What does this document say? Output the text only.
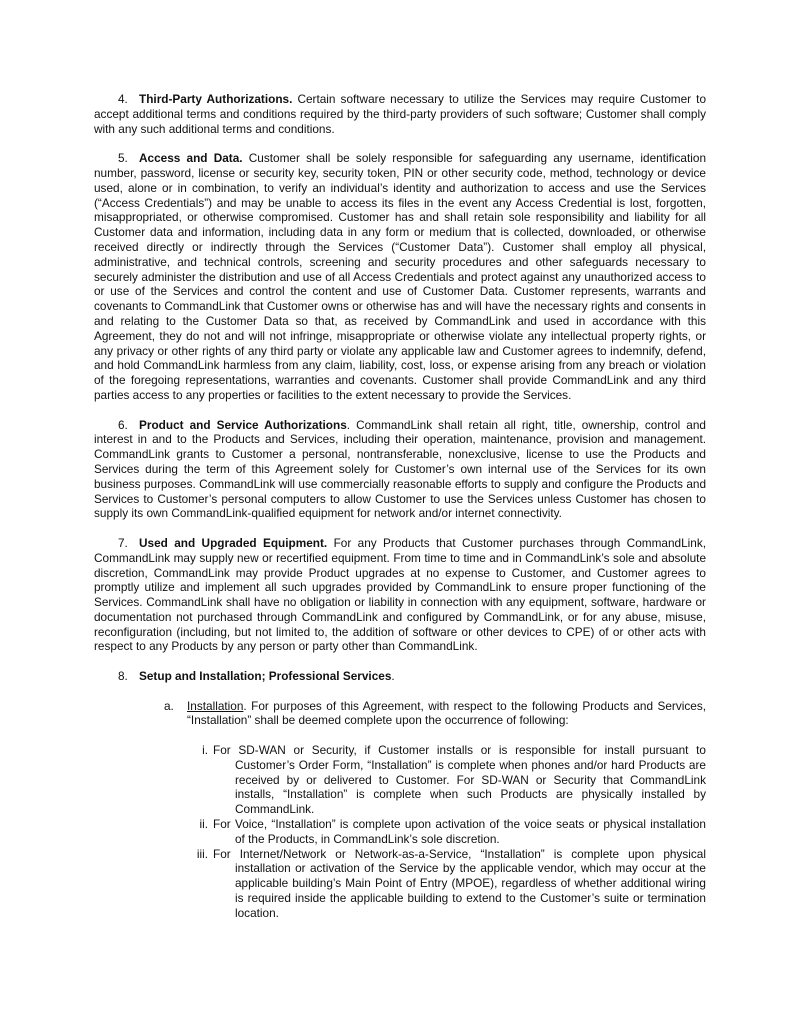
4. Third-Party Authorizations. Certain software necessary to utilize the Services may require Customer to accept additional terms and conditions required by the third-party providers of such software; Customer shall comply with any such additional terms and conditions.

5. Access and Data. Customer shall be solely responsible for safeguarding any username, identification number, password, license or security key, security token, PIN or other security code, method, technology or device used, alone or in combination, to verify an individual’s identity and authorization to access and use the Services (“Access Credentials”) and may be unable to access its files in the event any Access Credential is lost, forgotten, misappropriated, or otherwise compromised. Customer has and shall retain sole responsibility and liability for all Customer data and information, including data in any form or medium that is collected, downloaded, or otherwise received directly or indirectly through the Services (“Customer Data”). Customer shall employ all physical, administrative, and technical controls, screening and security procedures and other safeguards necessary to securely administer the distribution and use of all Access Credentials and protect against any unauthorized access to or use of the Services and control the content and use of Customer Data. Customer represents, warrants and covenants to CommandLink that Customer owns or otherwise has and will have the necessary rights and consents in and relating to the Customer Data so that, as received by CommandLink and used in accordance with this Agreement, they do not and will not infringe, misappropriate or otherwise violate any intellectual property rights, or any privacy or other rights of any third party or violate any applicable law and Customer agrees to indemnify, defend, and hold CommandLink harmless from any claim, liability, cost, loss, or expense arising from any breach or violation of the foregoing representations, warranties and covenants. Customer shall provide CommandLink and any third parties access to any properties or facilities to the extent necessary to provide the Services.

6. Product and Service Authorizations. CommandLink shall retain all right, title, ownership, control and interest in and to the Products and Services, including their operation, maintenance, provision and management. CommandLink grants to Customer a personal, nontransferable, nonexclusive, license to use the Products and Services during the term of this Agreement solely for Customer’s own internal use of the Services for its own business purposes. CommandLink will use commercially reasonable efforts to supply and configure the Products and Services to Customer’s personal computers to allow Customer to use the Services unless Customer has chosen to supply its own CommandLink-qualified equipment for network and/or internet connectivity.

7. Used and Upgraded Equipment. For any Products that Customer purchases through CommandLink, CommandLink may supply new or recertified equipment. From time to time and in CommandLink’s sole and absolute discretion, CommandLink may provide Product upgrades at no expense to Customer, and Customer agrees to promptly utilize and implement all such upgrades provided by CommandLink to ensure proper functioning of the Services. CommandLink shall have no obligation or liability in connection with any equipment, software, hardware or documentation not purchased through CommandLink and configured by CommandLink, or for any abuse, misuse, reconfiguration (including, but not limited to, the addition of software or other devices to CPE) of or other acts with respect to any Products by any person or party other than CommandLink.

8. Setup and Installation; Professional Services.

a. Installation. For purposes of this Agreement, with respect to the following Products and Services, “Installation” shall be deemed complete upon the occurrence of following:

i. For SD-WAN or Security, if Customer installs or is responsible for install pursuant to Customer’s Order Form, “Installation” is complete when phones and/or hard Products are received by or delivered to Customer. For SD-WAN or Security that CommandLink installs, “Installation” is complete when such Products are physically installed by CommandLink.

ii. For Voice, “Installation” is complete upon activation of the voice seats or physical installation of the Products, in CommandLink’s sole discretion.

iii. For Internet/Network or Network-as-a-Service, “Installation” is complete upon physical installation or activation of the Service by the applicable vendor, which may occur at the applicable building’s Main Point of Entry (MPOE), regardless of whether additional wiring is required inside the applicable building to extend to the Customer’s suite or termination location.
